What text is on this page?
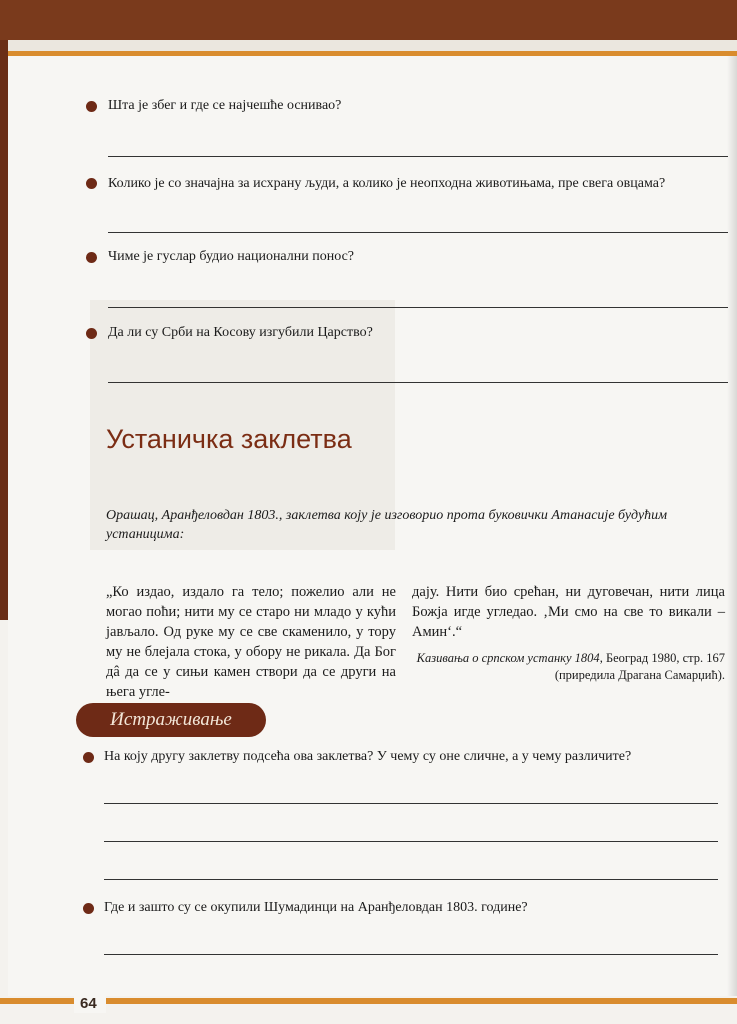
Шта је збег и где се најчешће оснивао?
Колико је со значајна за исхрану људи, а колико је неопходна животињама, пре свега овцама?
Чиме је гуслар будио национални понос?
Да ли су Срби на Косову изгубили Царство?
Устаничка заклетва
Орашац, Аранђеловдан 1803., заклетва коју је изговорио прота буковички Атанасије будућим устаницима:
„Ко издао, издало га тело; пожелио али не могао поћи; нити му се старо ни младо у кући јављало. Од руке му се све скаменило, у тору му не блејала стока, у обору не рикала. Да Бог дâ да се у сињи камен створи да се други на њега угле-
дају. Нити био срећан, ни дуговечан, нити лица Божја игде угледао. ‚Ми смо на све то викали – Амин‘.“
Казивања о српском устанку 1804, Београд 1980, стр. 167 (приредила Драгана Самарџић).
Истраживање
На коју другу заклетву подсећа ова заклетва? У чему су оне сличне, а у чему различите?
Где и зашто су се окупили Шумадинци на Аранђеловдан 1803. године?
64
